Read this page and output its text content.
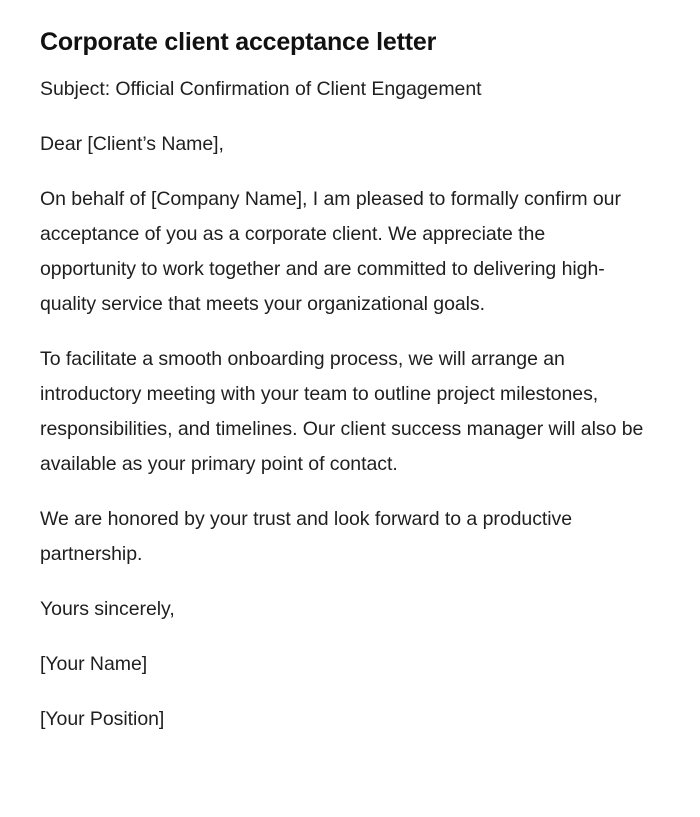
Corporate client acceptance letter

Subject: Official Confirmation of Client Engagement

Dear [Client’s Name],

On behalf of [Company Name], I am pleased to formally confirm our acceptance of you as a corporate client. We appreciate the opportunity to work together and are committed to delivering high-quality service that meets your organizational goals.

To facilitate a smooth onboarding process, we will arrange an introductory meeting with your team to outline project milestones, responsibilities, and timelines. Our client success manager will also be available as your primary point of contact.

We are honored by your trust and look forward to a productive partnership.

Yours sincerely,

[Your Name]

[Your Position]
